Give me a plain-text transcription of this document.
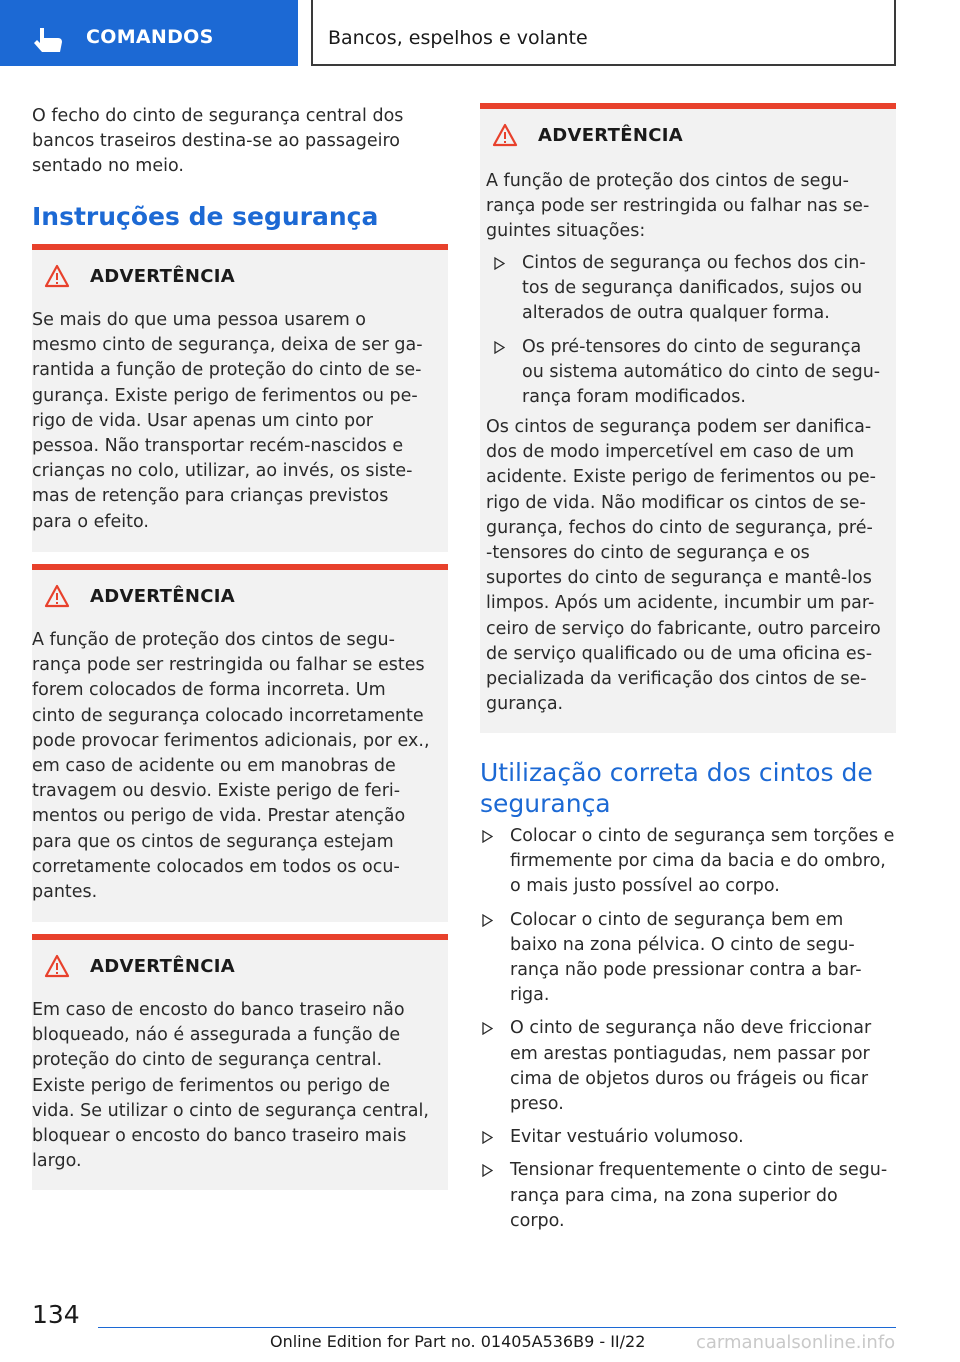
COMANDOS	Bancos, espelhos e volante

O fecho do cinto de segurança central dos bancos traseiros destina-se ao passageiro sentado no meio.

Instruções de segurança
ADVERTÊNCIA
Se mais do que uma pessoa usarem o
mesmo cinto de segurança, deixa de ser ga-
rantida a função de proteção do cinto de se-
gurança. Existe perigo de ferimentos ou pe-
rigo de vida. Usar apenas um cinto por
pessoa. Não transportar recém-nascidos e
crianças no colo, utilizar, ao invés, os siste-
mas de retenção para crianças previstos
para o efeito.
ADVERTÊNCIA
A função de proteção dos cintos de segu-
rança pode ser restringida ou falhar se estes
forem colocados de forma incorreta. Um
cinto de segurança colocado incorretamente
pode provocar ferimentos adicionais, por ex.,
em caso de acidente ou em manobras de
travagem ou desvio. Existe perigo de feri-
mentos ou perigo de vida. Prestar atenção
para que os cintos de segurança estejam
corretamente colocados em todos os ocu-
pantes.
ADVERTÊNCIA
Em caso de encosto do banco traseiro não
bloqueado, náo é assegurada a função de
proteção do cinto de segurança central.
Existe perigo de ferimentos ou perigo de
vida. Se utilizar o cinto de segurança central,
bloquear o encosto do banco traseiro mais
largo.
ADVERTÊNCIA
A função de proteção dos cintos de segu-
rança pode ser restringida ou falhar nas se-
guintes situações:
Cintos de segurança ou fechos dos cin-
tos de segurança danificados, sujos ou
alterados de outra qualquer forma.
Os pré-tensores do cinto de segurança
ou sistema automático do cinto de segu-
rança foram modificados.
Os cintos de segurança podem ser danifica-
dos de modo impercetível em caso de um
acidente. Existe perigo de ferimentos ou pe-
rigo de vida. Não modificar os cintos de se-
gurança, fechos do cinto de segurança, pré-
-tensores do cinto de segurança e os
suportes do cinto de segurança e mantê-los
limpos. Após um acidente, incumbir um par-
ceiro de serviço do fabricante, outro parceiro
de serviço qualificado ou de uma oficina es-
pecializada da verificação dos cintos de se-
gurança.
Utilização correta dos cintos de
segurança
Colocar o cinto de segurança sem torções e
firmemente por cima da bacia e do ombro,
o mais justo possível ao corpo.
Colocar o cinto de segurança bem em
baixo na zona pélvica. O cinto de segu-
rança não pode pressionar contra a bar-
riga.
O cinto de segurança não deve friccionar
em arestas pontiagudas, nem passar por
cima de objetos duros ou frágeis ou ficar
preso.
Evitar vestuário volumoso.
Tensionar frequentemente o cinto de segu-
rança para cima, na zona superior do
corpo.
134
Online Edition for Part no. 01405A536B9 - II/22	carmanualsonline.info
